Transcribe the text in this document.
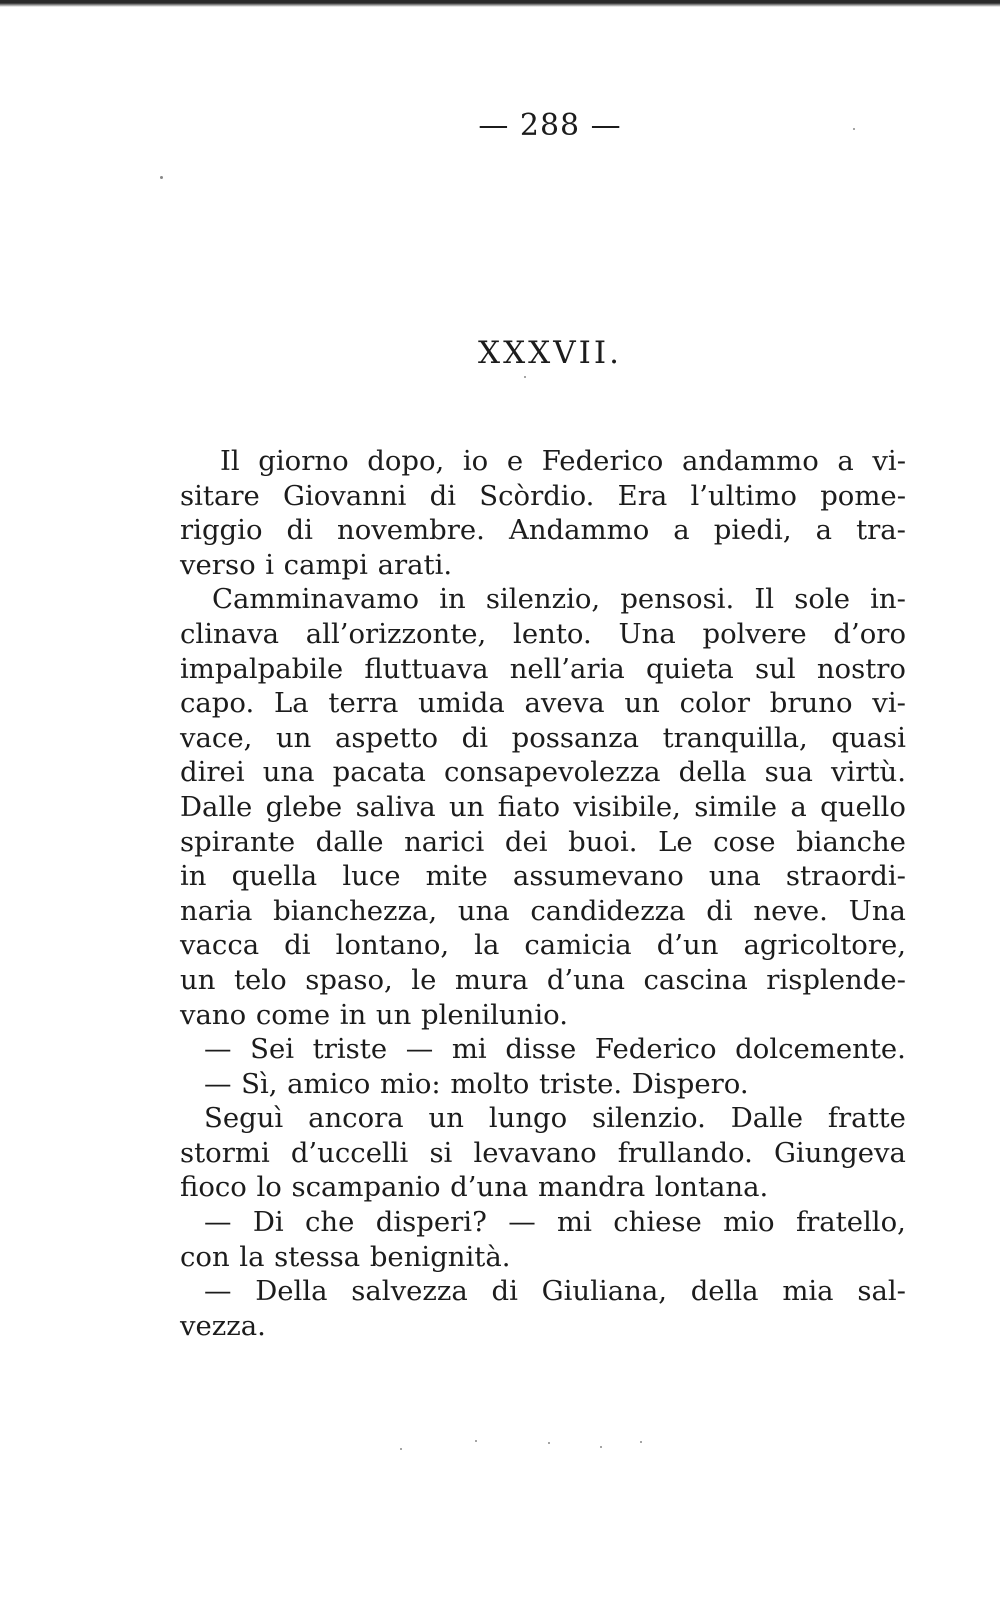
— 288 —
XXXVII.
Il giorno dopo, io e Federico andammo a vi-
sitare Giovanni di Scòrdio. Era l’ultimo pome-
riggio di novembre. Andammo a piedi, a tra-
verso i campi arati.
Camminavamo in silenzio, pensosi. Il sole in-
clinava all’orizzonte, lento. Una polvere d’oro
impalpabile fluttuava nell’aria quieta sul nostro
capo. La terra umida aveva un color bruno vi-
vace, un aspetto di possanza tranquilla, quasi
direi una pacata consapevolezza della sua virtù.
Dalle glebe saliva un fiato visibile, simile a quello
spirante dalle narici dei buoi. Le cose bianche
in quella luce mite assumevano una straordi-
naria bianchezza, una candidezza di neve. Una
vacca di lontano, la camicia d’un agricoltore,
un telo spaso, le mura d’una cascina risplende-
vano come in un plenilunio.
— Sei triste — mi disse Federico dolcemente.
— Sì, amico mio: molto triste. Dispero.
Seguì ancora un lungo silenzio. Dalle fratte
stormi d’uccelli si levavano frullando. Giungeva
fioco lo scampanio d’una mandra lontana.
— Di che disperi? — mi chiese mio fratello,
con la stessa benignità.
— Della salvezza di Giuliana, della mia sal-
vezza.
